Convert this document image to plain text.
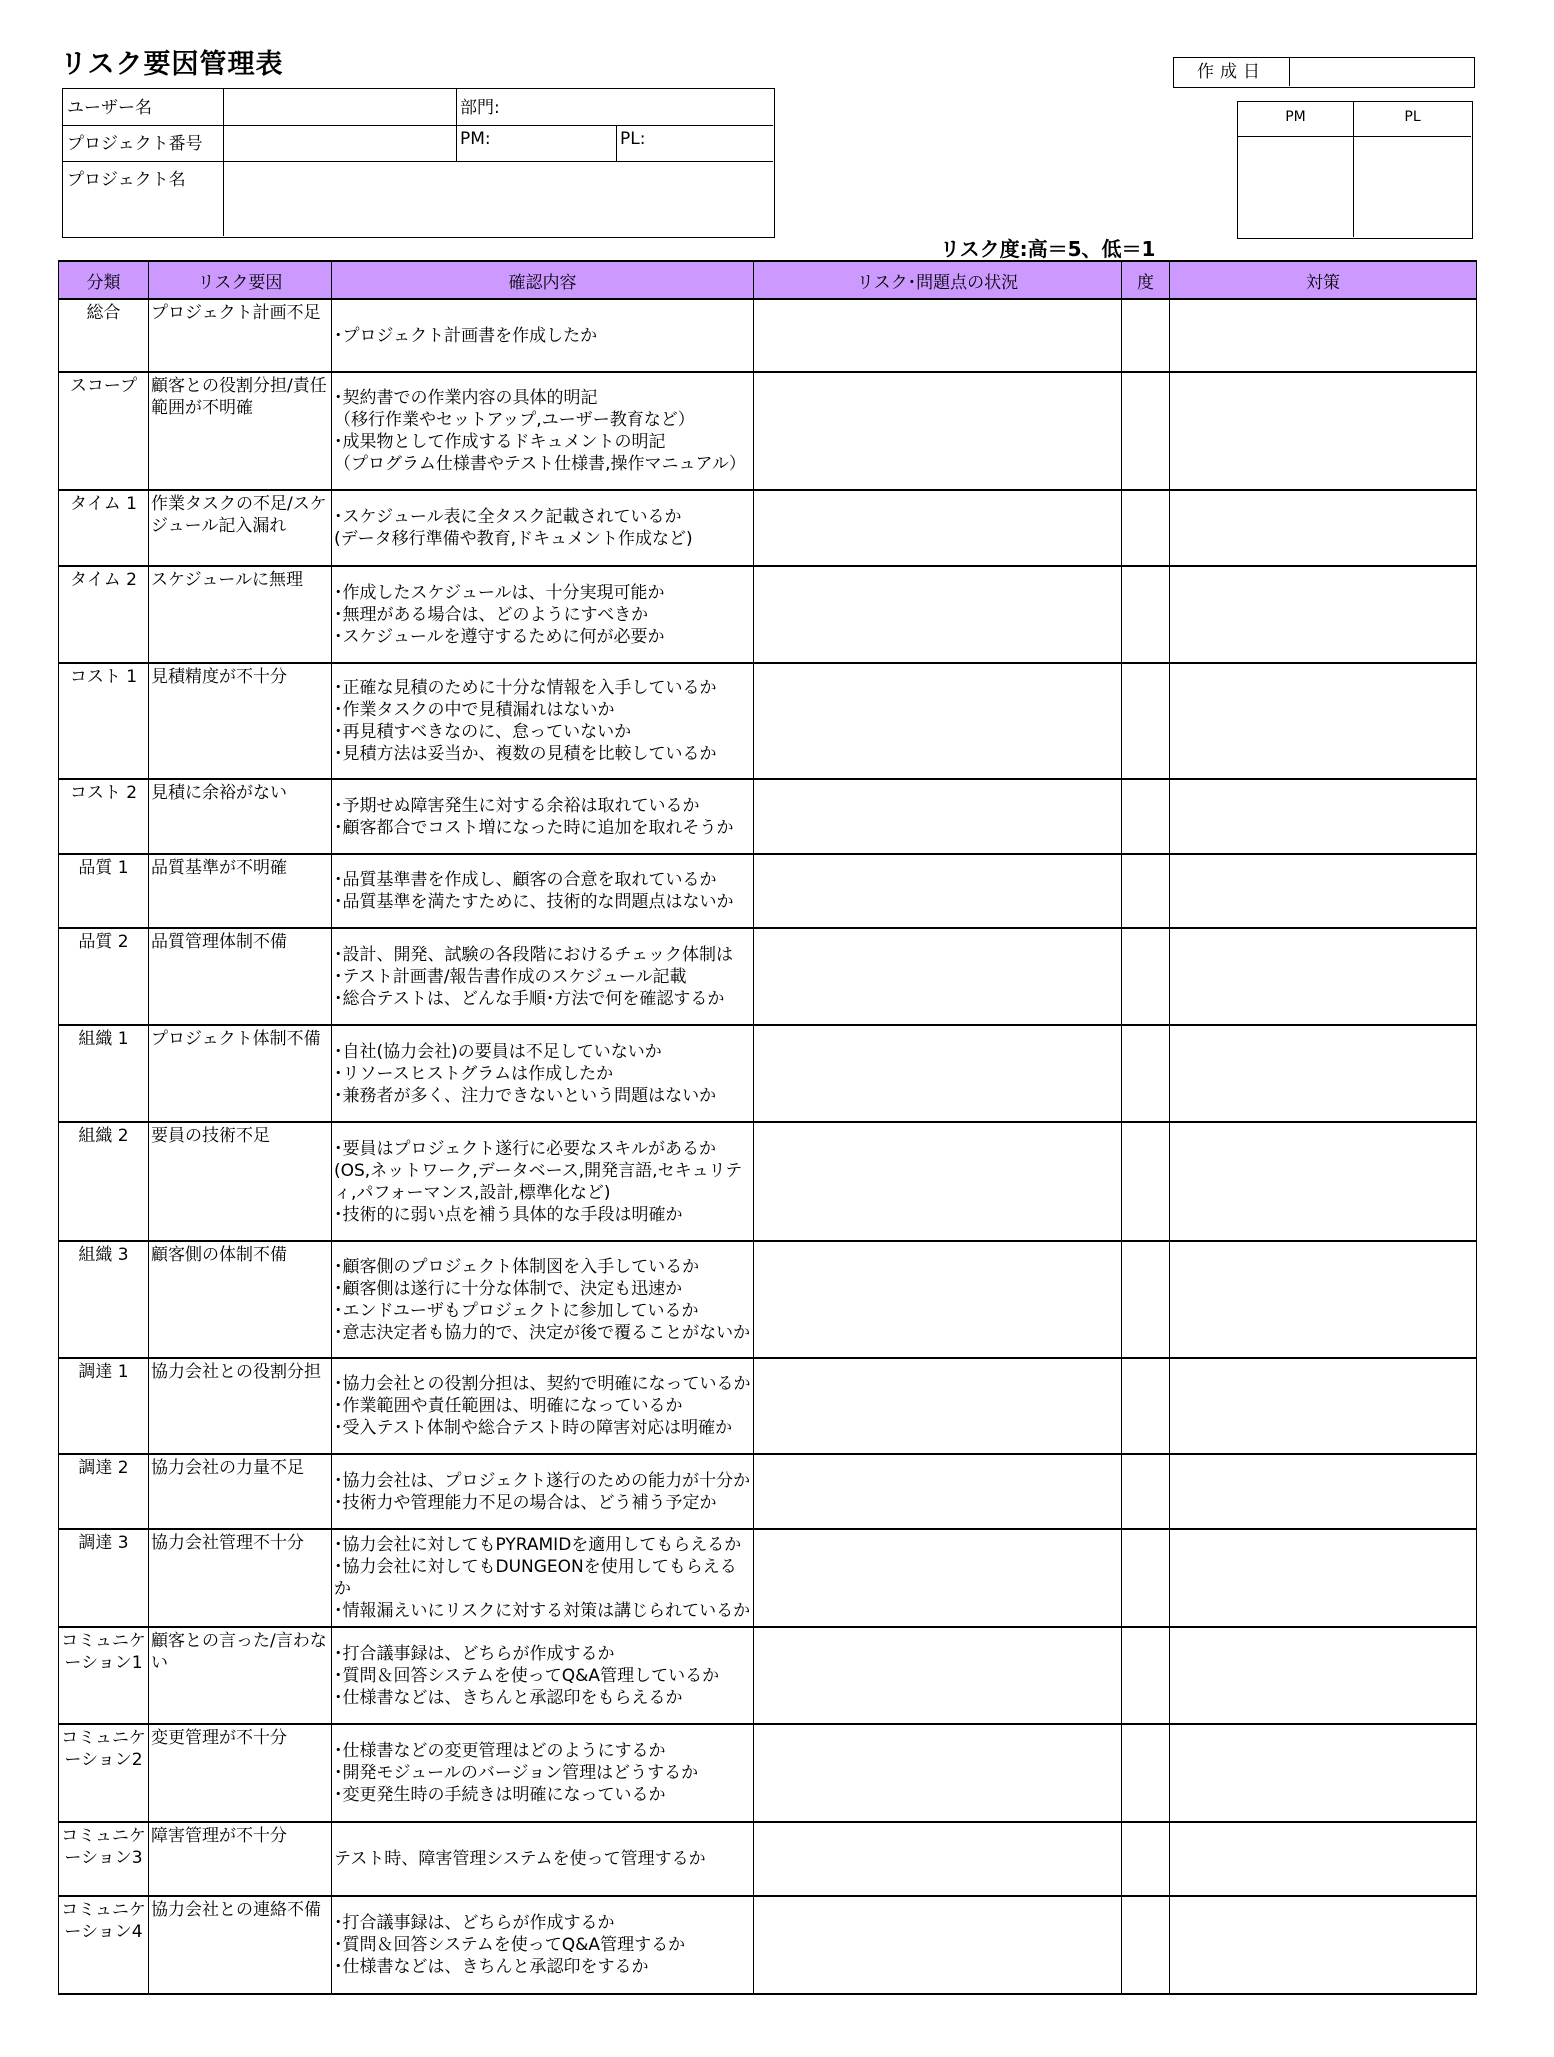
リスク要因管理表
ユーザー名	部門:
プロジェクト番号	PM:	PL:
プロジェクト名
作成日
PM	PL
リスク度:高＝5、低＝1
分類	リスク要因	確認内容	リスク･問題点の状況	度	対策
総合	プロジェクト計画不足	･プロジェクト計画書を作成したか			
スコープ	顧客との役割分担/責任範囲が不明確	･契約書での作業内容の具体的明記
（移行作業やセットアップ,ユーザー教育など）
･成果物として作成するドキュメントの明記
（プログラム仕様書やテスト仕様書,操作マニュアル）			
タイム 1	作業タスクの不足/スケジュール記入漏れ	･スケジュール表に全タスク記載されているか
(データ移行準備や教育,ドキュメント作成など)			
タイム 2	スケジュールに無理	･作成したスケジュールは、十分実現可能か
･無理がある場合は、どのようにすべきか
･スケジュールを遵守するために何が必要か			
コスト 1	見積精度が不十分	･正確な見積のために十分な情報を入手しているか
･作業タスクの中で見積漏れはないか
･再見積すべきなのに、怠っていないか
･見積方法は妥当か、複数の見積を比較しているか			
コスト 2	見積に余裕がない	･予期せぬ障害発生に対する余裕は取れているか
･顧客都合でコスト増になった時に追加を取れそうか			
品質 1	品質基準が不明確	･品質基準書を作成し、顧客の合意を取れているか
･品質基準を満たすために、技術的な問題点はないか			
品質 2	品質管理体制不備	･設計、開発、試験の各段階におけるチェック体制は
･テスト計画書/報告書作成のスケジュール記載
･総合テストは、どんな手順･方法で何を確認するか			
組織 1	プロジェクト体制不備	･自社(協力会社)の要員は不足していないか
･リソースヒストグラムは作成したか
･兼務者が多く、注力できないという問題はないか			
組織 2	要員の技術不足	･要員はプロジェクト遂行に必要なスキルがあるか
(OS,ネットワーク,データベース,開発言語,セキュリティ,パフォーマンス,設計,標準化など)
･技術的に弱い点を補う具体的な手段は明確か			
組織 3	顧客側の体制不備	･顧客側のプロジェクト体制図を入手しているか
･顧客側は遂行に十分な体制で、決定も迅速か
･エンドユーザもプロジェクトに参加しているか
･意志決定者も協力的で、決定が後で覆ることがないか			
調達 1	協力会社との役割分担	･協力会社との役割分担は、契約で明確になっているか
･作業範囲や責任範囲は、明確になっているか
･受入テスト体制や総合テスト時の障害対応は明確か			
調達 2	協力会社の力量不足	･協力会社は、プロジェクト遂行のための能力が十分か
･技術力や管理能力不足の場合は、どう補う予定か			
調達 3	協力会社管理不十分	･協力会社に対してもPYRAMIDを適用してもらえるか
･協力会社に対してもDUNGEONを使用してもらえるか
･情報漏えいにリスクに対する対策は講じられているか			
コミュニケーション1	顧客との言った/言わない	･打合議事録は、どちらが作成するか
･質問＆回答システムを使ってQ&A管理しているか
･仕様書などは、きちんと承認印をもらえるか			
コミュニケーション2	変更管理が不十分	･仕様書などの変更管理はどのようにするか
･開発モジュールのバージョン管理はどうするか
･変更発生時の手続きは明確になっているか			
コミュニケーション3	障害管理が不十分	テスト時、障害管理システムを使って管理するか			
コミュニケーション4	協力会社との連絡不備	･打合議事録は、どちらが作成するか
･質問＆回答システムを使ってQ&A管理するか
･仕様書などは、きちんと承認印をするか			
